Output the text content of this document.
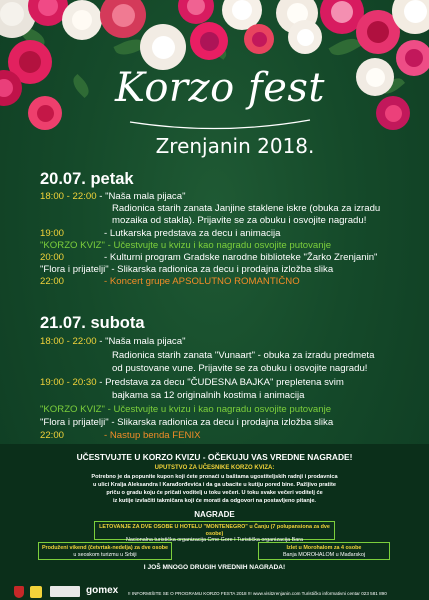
Korzo fest
Zrenjanin 2018.
20.07. petak
18:00 - 22:00 - "Naša mala pijaca"
Radionica starih zanata Janjine staklene iskre (obuka za izradu
mozaika od stakla). Prijavite se za obuku i osvojite nagradu!
19:00	- Lutkarska predstava za decu i animacija
"KORZO KVIZ" - Učestvujte u kvizu i kao nagradu osvojite putovanje
20:00	- Kulturni program Gradske narodne biblioteke "Žarko Zrenjanin"
"Flora i prijatelji" - Slikarska radionica za decu i prodajna izložba slika
22:00	- Koncert grupe APSOLUTNO ROMANTIČNO
21.07. subota
18:00 - 22:00 - "Naša mala pijaca"
Radionica starih zanata "Vunaart" - obuka za izradu predmeta
od pustovane vune. Prijavite se za obuku i osvojite nagradu!
19:00 - 20:30 - Predstava za decu "ČUDESNA BAJKA" prepletena svim
bajkama sa 12 originalnih kostima i animacija
"KORZO KVIZ" - Učestvujte u kvizu i kao nagradu osvojite putovanje
"Flora i prijatelji" - Slikarska radionica za decu i prodajna izložba slika
22:00	- Nastup benda FENIX
UČESTVUJTE U KORZO KVIZU - OČEKUJU VAS VREDNE NAGRADE!
UPUTSTVO ZA UČESNIKE KORZO KVIZA:
Potrebno je da popunite kupon koji ćete pronaći u baštama ugostiteljskih radnji i prodavnica
u ulici Kralja Aleksandra I Karađorđevića i da ga ubacite u kutiju pored bine. Pažljivo pratite
priču o gradu koju će pričati voditelj u toku večeri. U toku svake večeri voditelj će
iz kutije izvlačiti takmičara koji će morati da odgovori na postavljeno pitanje.
NAGRADE
LETOVANJE ZA DVE OSOBE U HOTELU "MONTENEGRO" u Čanju (7 polupansiona za dve osobe)
Nacionalna turistička organizacija Crne Gore I Turistička organizacija Bara
Produženi vikend (četvrtak-nedelja) za dve osobe
u seoskom turizmu u Srbiji
Izlet u Morohalom za 4 osobe
Banja MOROHALOM u Mađarskoj
I JOŠ MNOGO DRUGIH VREDNIH NAGRADA!
gomex !! INFORMIŠITE SE O PROGRAMU KORZO FESTA 2018 !!! www.visitzrenjanin.com Turističko informativni centar 023 581 890
